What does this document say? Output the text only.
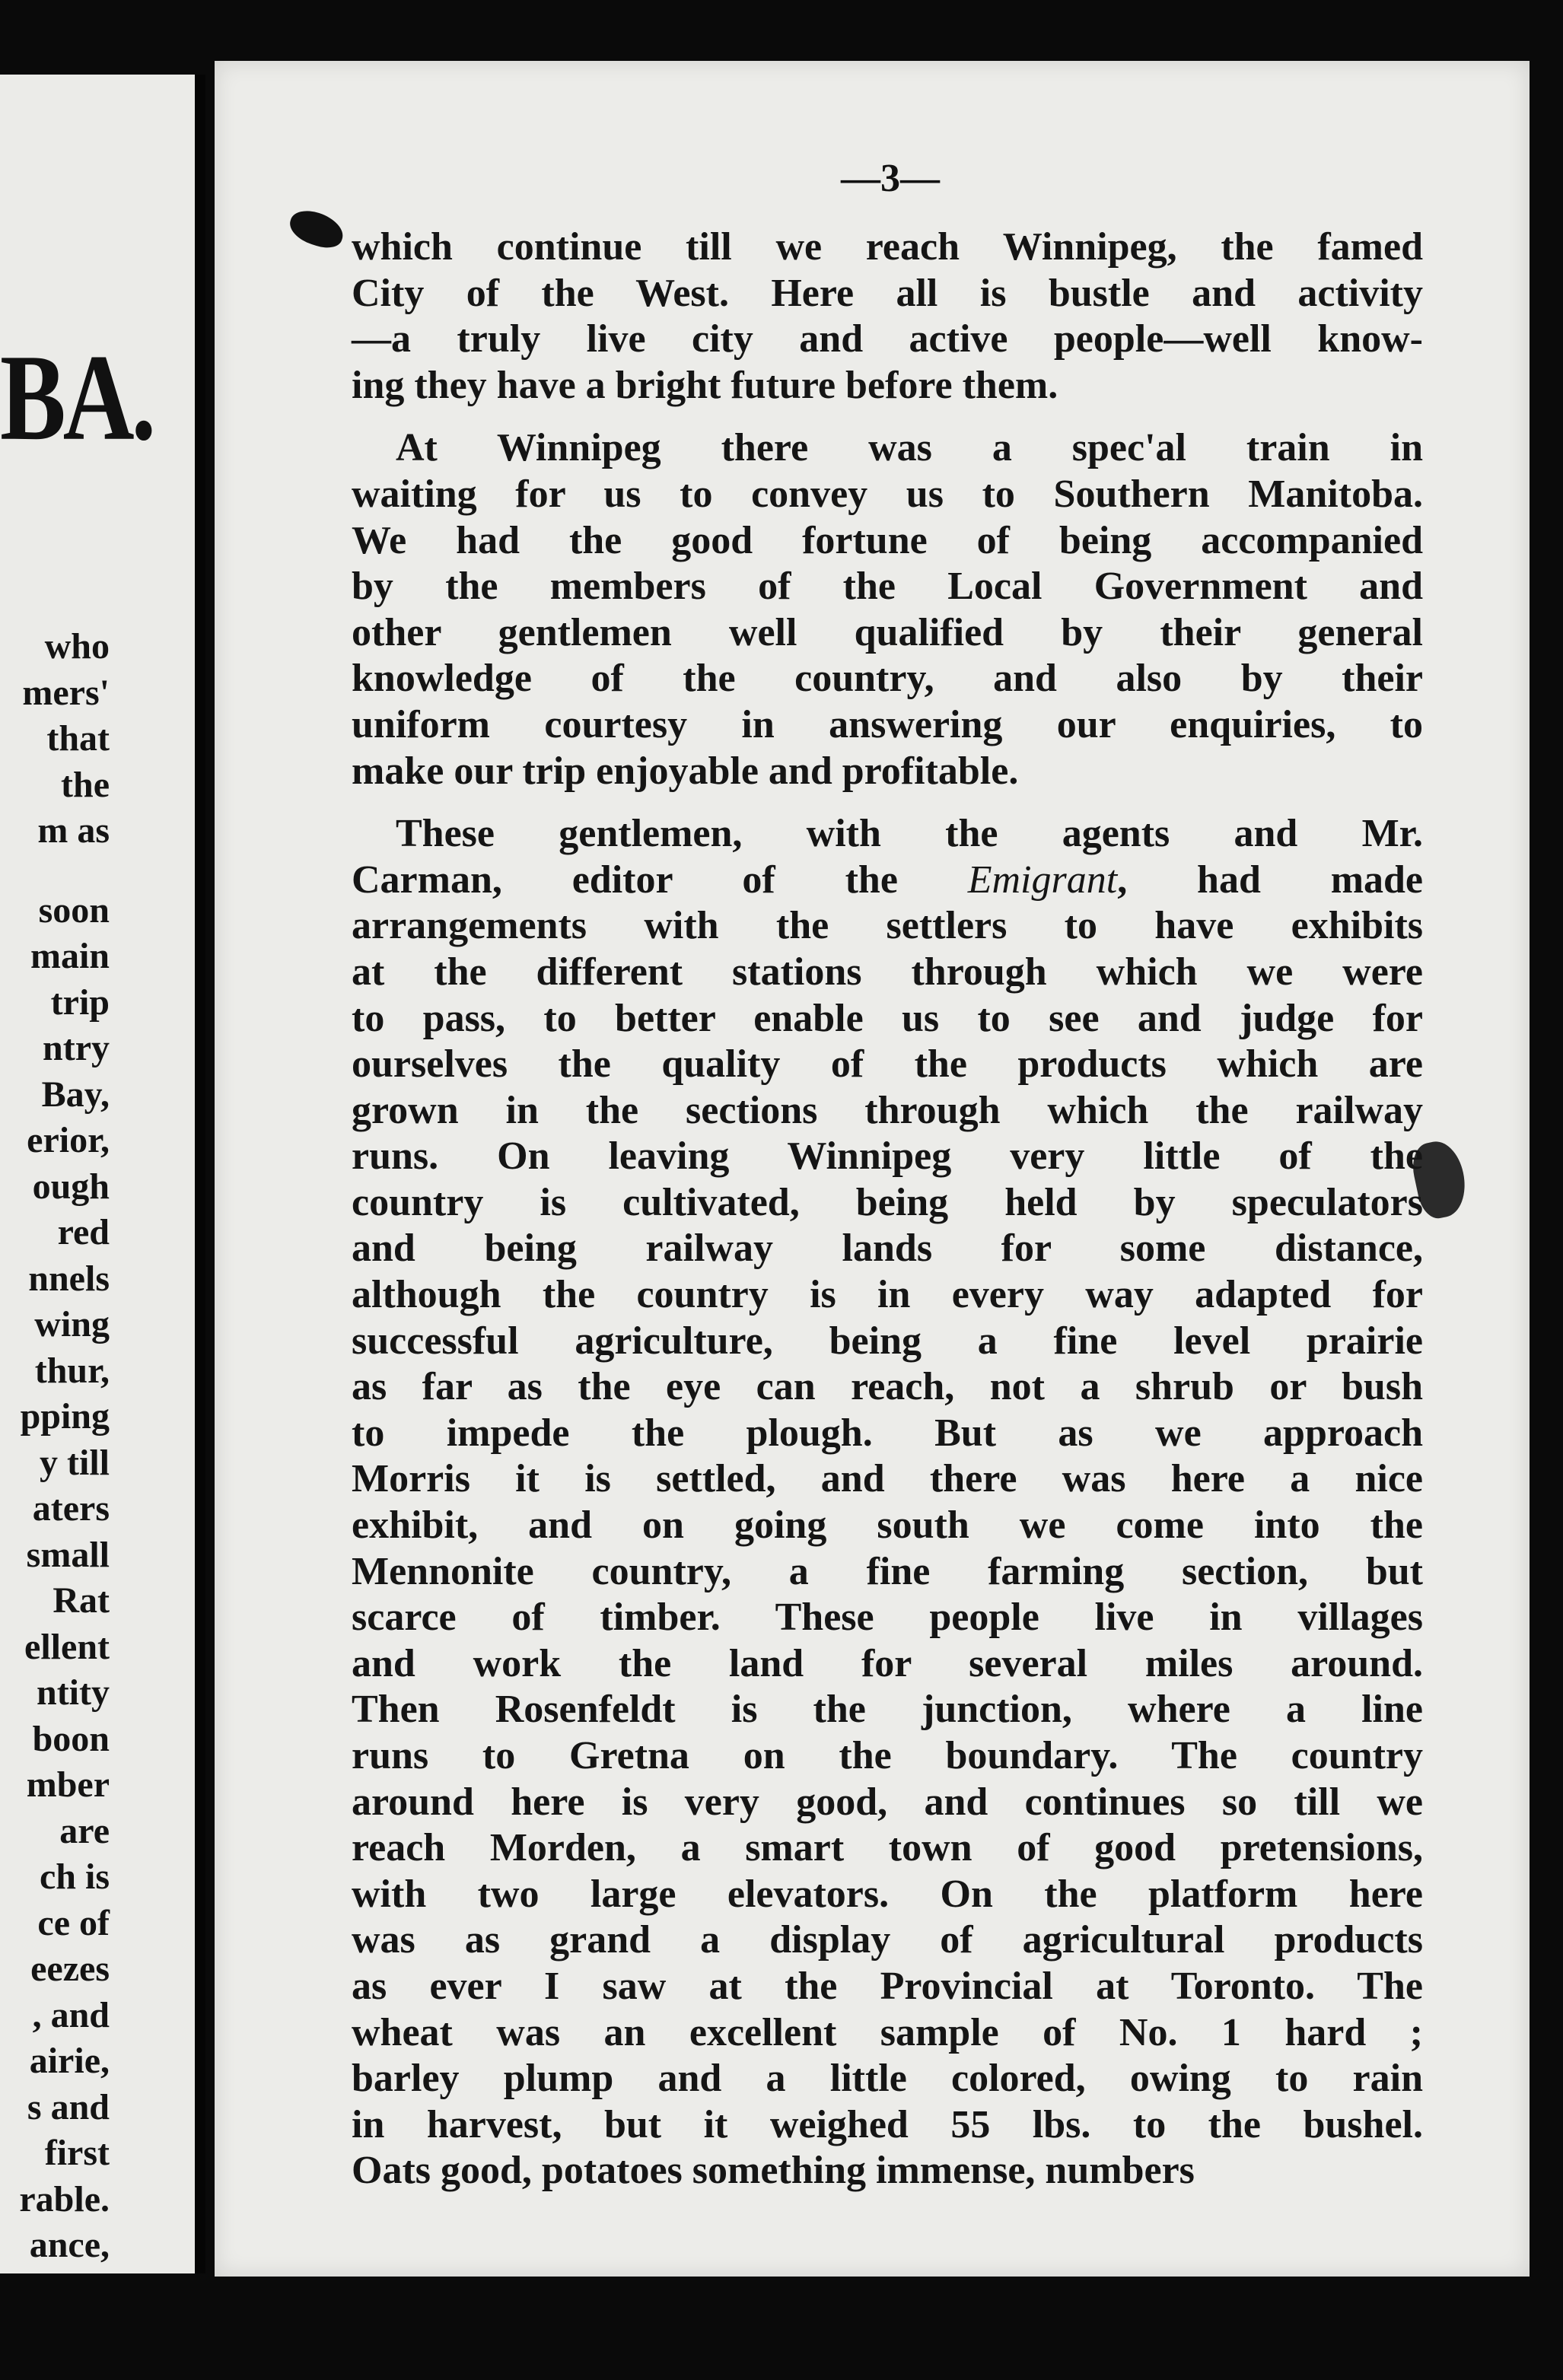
BA.
who
mers'
that
the
m as
soon
main
trip
ntry
Bay,
erior,
ough
red
nnels
wing
thur,
pping
y till
aters
small
Rat
ellent
ntity
boon
mber
are
ch is
ce of
eezes
, and
airie,
s and
first
rable.
ance,
—3—
which continue till we reach Winnipeg, the famed
City of the West. Here all is bustle and activity
—a truly live city and active people—well know-
ing they have a bright future before them.
At Winnipeg there was a spec'al train in
waiting for us to convey us to Southern Manitoba.
We had the good fortune of being accompanied
by the members of the Local Government and
other gentlemen well qualified by their general
knowledge of the country, and also by their
uniform courtesy in answering our enquiries, to
make our trip enjoyable and profitable.
These gentlemen, with the agents and Mr.
Carman, editor of the Emigrant, had made
arrangements with the settlers to have exhibits
at the different stations through which we were
to pass, to better enable us to see and judge for
ourselves the quality of the products which are
grown in the sections through which the railway
runs. On leaving Winnipeg very little of the
country is cultivated, being held by speculators
and being railway lands for some distance,
although the country is in every way adapted for
successful agriculture, being a fine level prairie
as far as the eye can reach, not a shrub or bush
to impede the plough. But as we approach
Morris it is settled, and there was here a nice
exhibit, and on going south we come into the
Mennonite country, a fine farming section, but
scarce of timber. These people live in villages
and work the land for several miles around.
Then Rosenfeldt is the junction, where a line
runs to Gretna on the boundary. The country
around here is very good, and continues so till we
reach Morden, a smart town of good pretensions,
with two large elevators. On the platform here
was as grand a display of agricultural products
as ever I saw at the Provincial at Toronto. The
wheat was an excellent sample of No. 1 hard ;
barley plump and a little colored, owing to rain
in harvest, but it weighed 55 lbs. to the bushel.
Oats good, potatoes something immense, numbers
